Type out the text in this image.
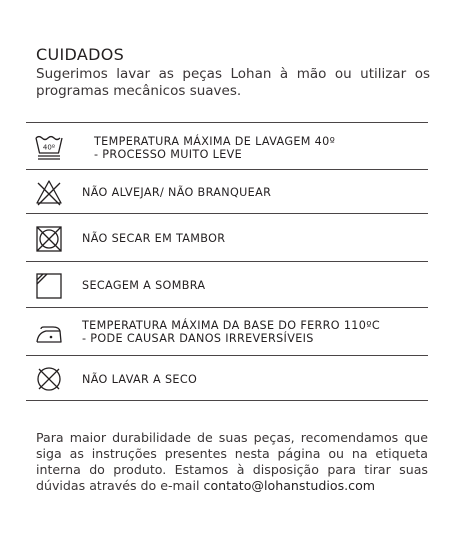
CUIDADOS
Sugerimos lavar as peças Lohan à mão ou utilizar os programas mecânicos suaves.
40º	TEMPERATURA MÁXIMA DE LAVAGEM 40º
- PROCESSO MUITO LEVE
NÃO ALVEJAR/ NÃO BRANQUEAR
NÃO SECAR EM TAMBOR
SECAGEM A SOMBRA
TEMPERATURA MÁXIMA DA BASE DO FERRO 110ºC
- PODE CAUSAR DANOS IRREVERSÍVEIS
NÃO LAVAR A SECO
Para maior durabilidade de suas peças, recomendamos que siga as instruções presentes nesta página ou na etiqueta interna do produto. Estamos à disposição para tirar suas dúvidas através do e-mail contato@lohanstudios.com
